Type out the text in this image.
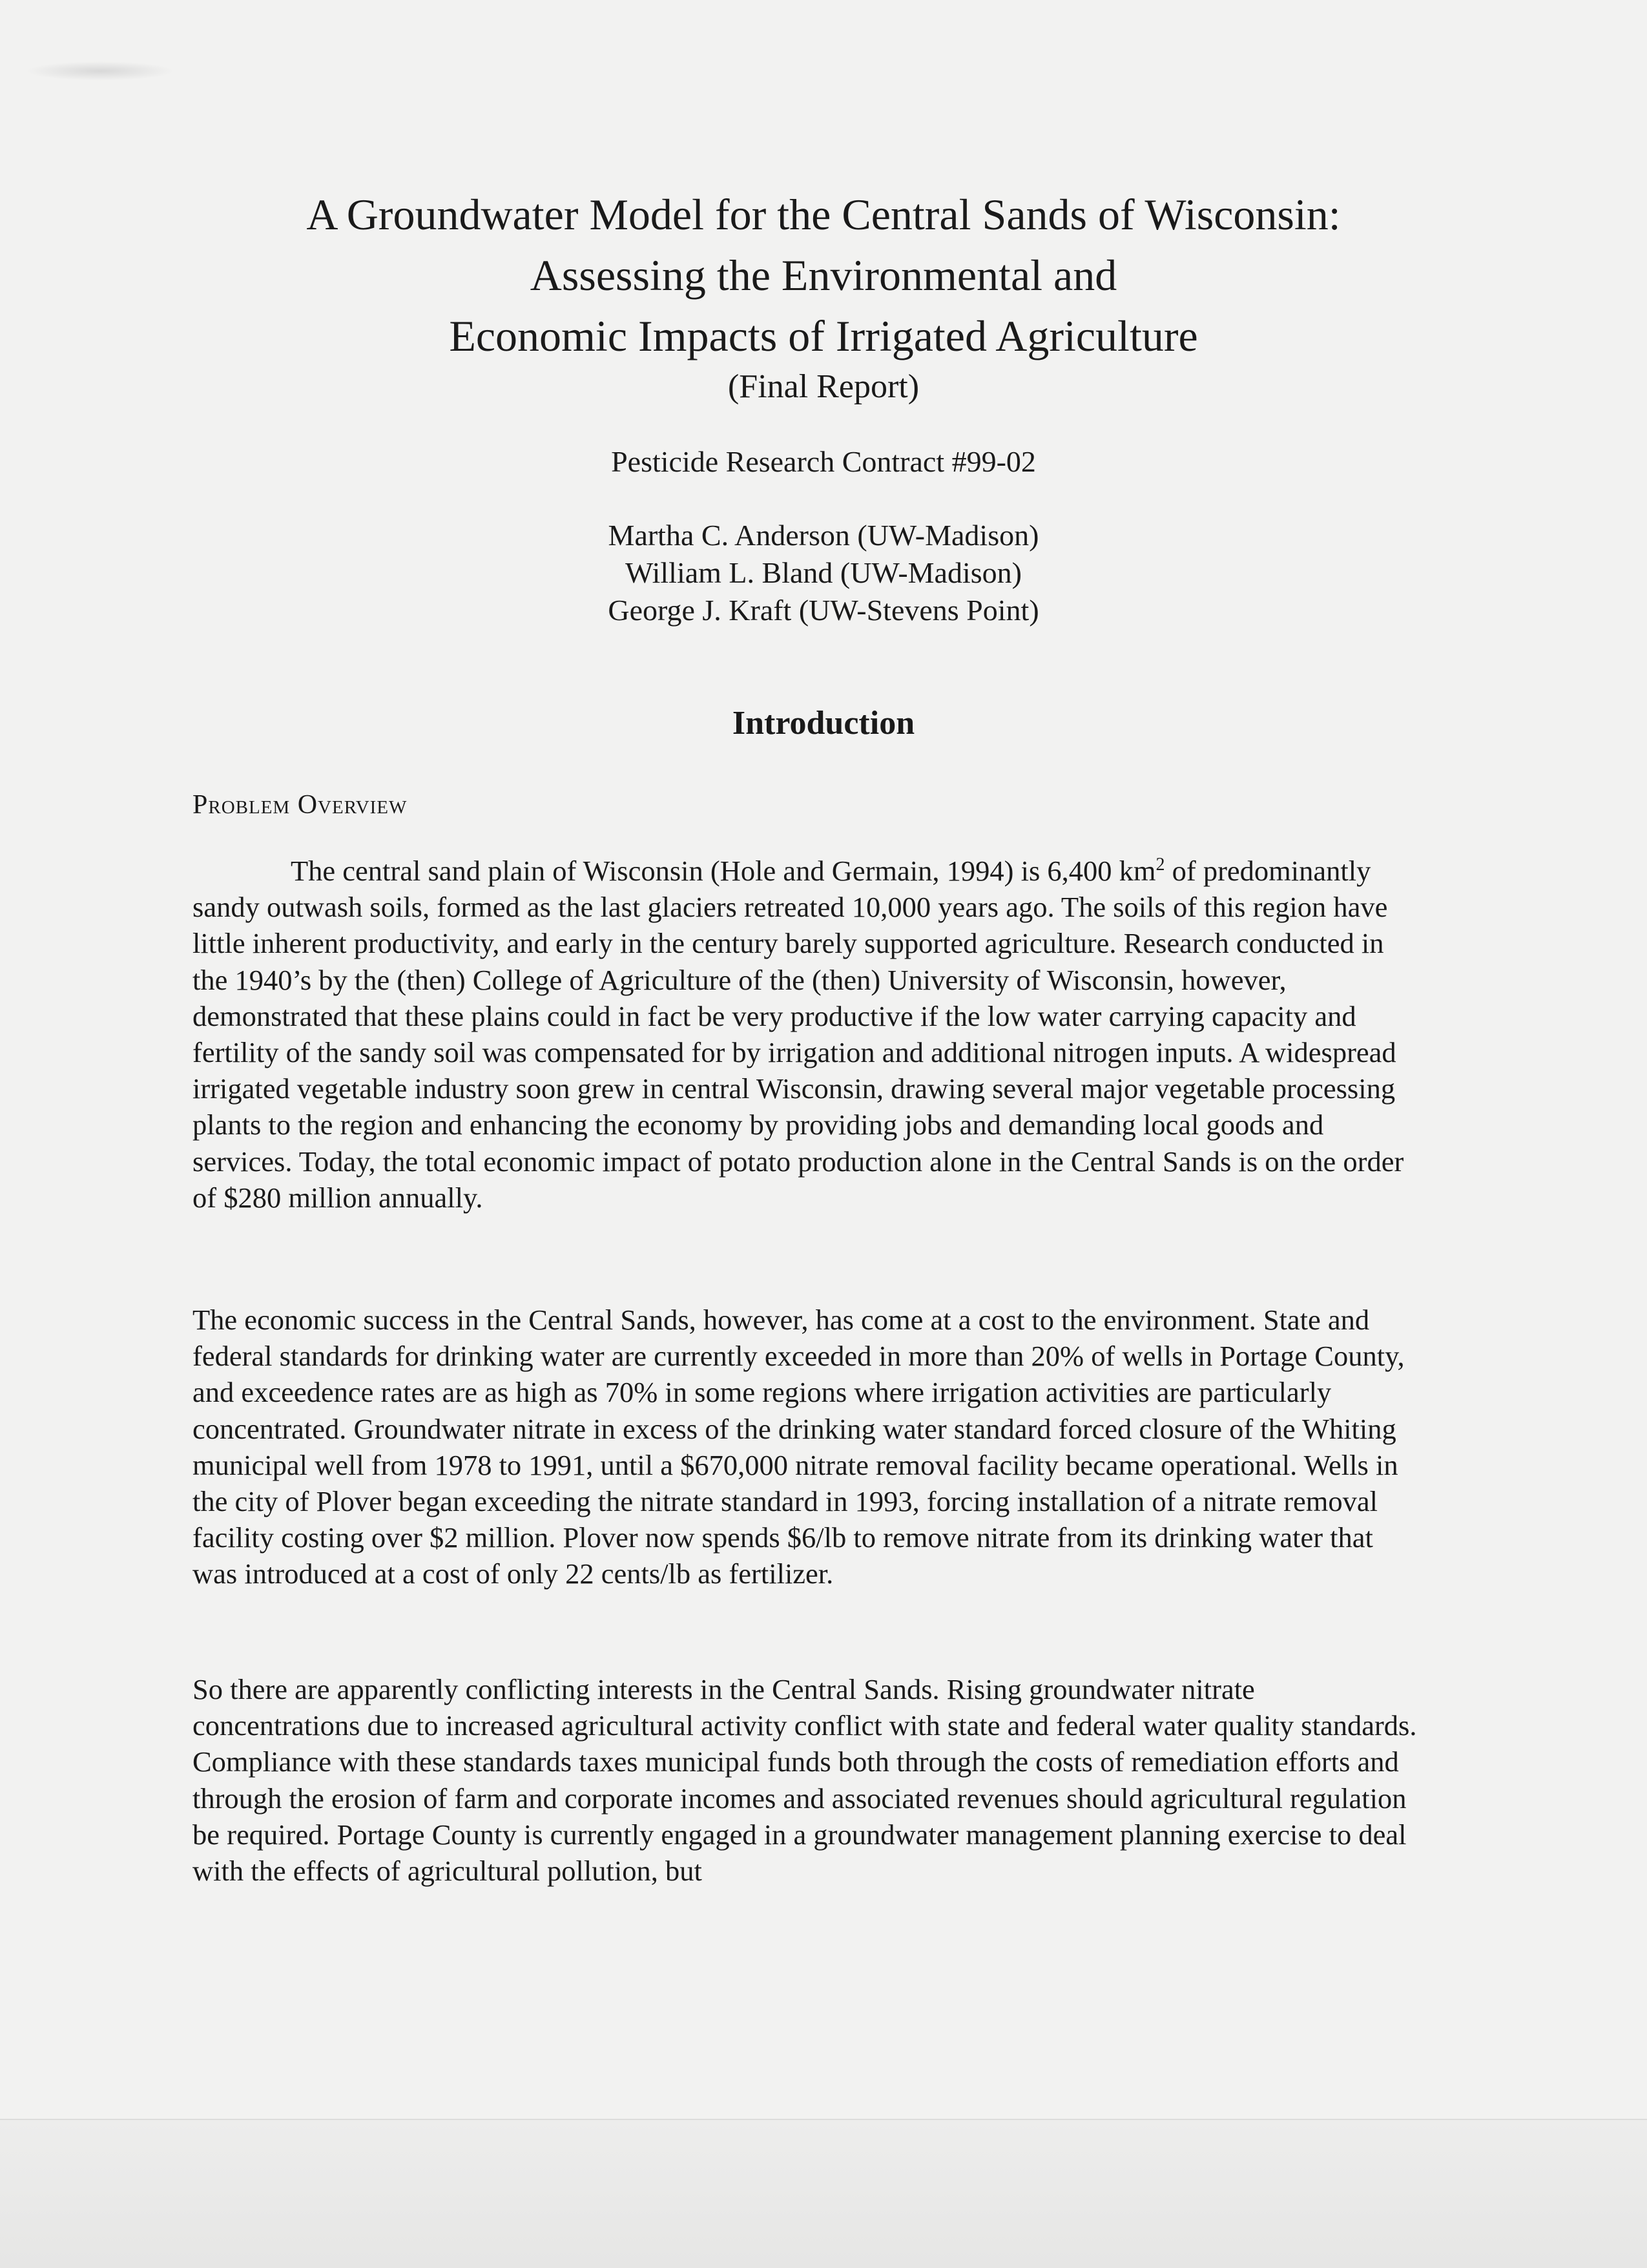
A Groundwater Model for the Central Sands of Wisconsin:
Assessing the Environmental and
Economic Impacts of Irrigated Agriculture
(Final Report)
Pesticide Research Contract #99-02
Martha C. Anderson (UW-Madison)
William L. Bland (UW-Madison)
George J. Kraft (UW-Stevens Point)
Introduction
Problem Overview

The central sand plain of Wisconsin (Hole and Germain, 1994) is 6,400 $km^2$ of predominantly sandy outwash soils, formed as the last glaciers retreated 10,000 years ago. The soils of this region have little inherent productivity, and early in the century barely supported agriculture. Research conducted in the 1940’s by the (then) College of Agriculture of the (then) University of Wisconsin, however, demonstrated that these plains could in fact be very productive if the low water carrying capacity and fertility of the sandy soil was compensated for by irrigation and additional nitrogen inputs. A widespread irrigated vegetable industry soon grew in central Wisconsin, drawing several major vegetable processing plants to the region and enhancing the economy by providing jobs and demanding local goods and services. Today, the total economic impact of potato production alone in the Central Sands is on the order of $280 million annually.

The economic success in the Central Sands, however, has come at a cost to the environment. State and federal standards for drinking water are currently exceeded in more than 20% of wells in Portage County, and exceedence rates are as high as 70% in some regions where irrigation activities are particularly concentrated. Groundwater nitrate in excess of the drinking water standard forced closure of the Whiting municipal well from 1978 to 1991, until a $670,000 nitrate removal facility became operational. Wells in the city of Plover began exceeding the nitrate standard in 1993, forcing installation of a nitrate removal facility costing over $2 million. Plover now spends $6/lb to remove nitrate from its drinking water that was introduced at a cost of only 22 cents/lb as fertilizer.

So there are apparently conflicting interests in the Central Sands. Rising groundwater nitrate concentrations due to increased agricultural activity conflict with state and federal water quality standards. Compliance with these standards taxes municipal funds both through the costs of remediation efforts and through the erosion of farm and corporate incomes and associated revenues should agricultural regulation be required. Portage County is currently engaged in a groundwater management planning exercise to deal with the effects of agricultural pollution, but
